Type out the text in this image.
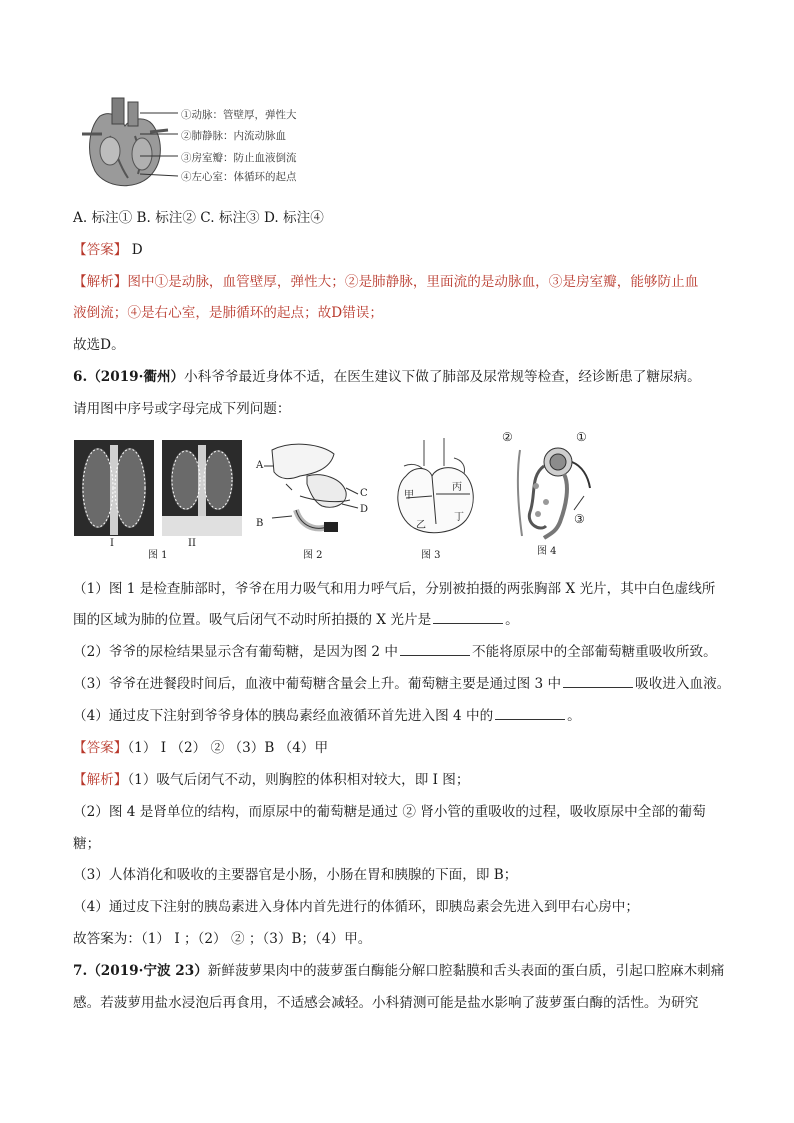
①动脉：管壁厚，弹性大
②肺静脉：内流动脉血
③房室瓣：防止血液倒流
④左心室：体循环的起点
A. 标注① B. 标注② C. 标注③ D. 标注④
【答案】 D
【解析】图中①是动脉，血管壁厚，弹性大；②是肺静脉，里面流的是动脉血，③是房室瓣，能够防止血
液倒流；④是右心室，是肺循环的起点；故D错误；
故选D。
6.（2019·衢州）小科爷爷最近身体不适，在医生建议下做了肺部及尿常规等检查，经诊断患了糖尿病。
请用图中序号或字母完成下列问题：
I	II
图 1
A
B
C
D
图 2
甲
乙
丙
丁
图 3
②	①
③
图 4
（1）图 1 是检查肺部时，爷爷在用力吸气和用力呼气后，分别被拍摄的两张胸部 X 光片，其中白色虚线所
围的区域为肺的位置。吸气后闭气不动时所拍摄的 X 光片是	。
（2）爷爷的尿检结果显示含有葡萄糖，是因为图 2 中	不能将原尿中的全部葡萄糖重吸收所致。
（3）爷爷在进餐段时间后，血液中葡萄糖含量会上升。葡萄糖主要是通过图 3 中	吸收进入血液。
（4）通过皮下注射到爷爷身体的胰岛素经血液循环首先进入图 4 中的	。
【答案】（1） I （2） ② （3）B （4）甲
【解析】（1）吸气后闭气不动，则胸腔的体积相对较大，即 I 图；
（2）图 4 是肾单位的结构，而原尿中的葡萄糖是通过 ② 肾小管的重吸收的过程，吸收原尿中全部的葡萄
糖；
（3）人体消化和吸收的主要器官是小肠，小肠在胃和胰腺的下面，即 B；
（4）通过皮下注射的胰岛素进入身体内首先进行的体循环，即胰岛素会先进入到甲右心房中；
故答案为：（1） I ；（2） ② ；（3）B；（4）甲。
7.（2019·宁波 23）新鲜菠萝果肉中的菠萝蛋白酶能分解口腔黏膜和舌头表面的蛋白质，引起口腔麻木刺痛
感。若菠萝用盐水浸泡后再食用，不适感会减轻。小科猜测可能是盐水影响了菠萝蛋白酶的活性。为研究
